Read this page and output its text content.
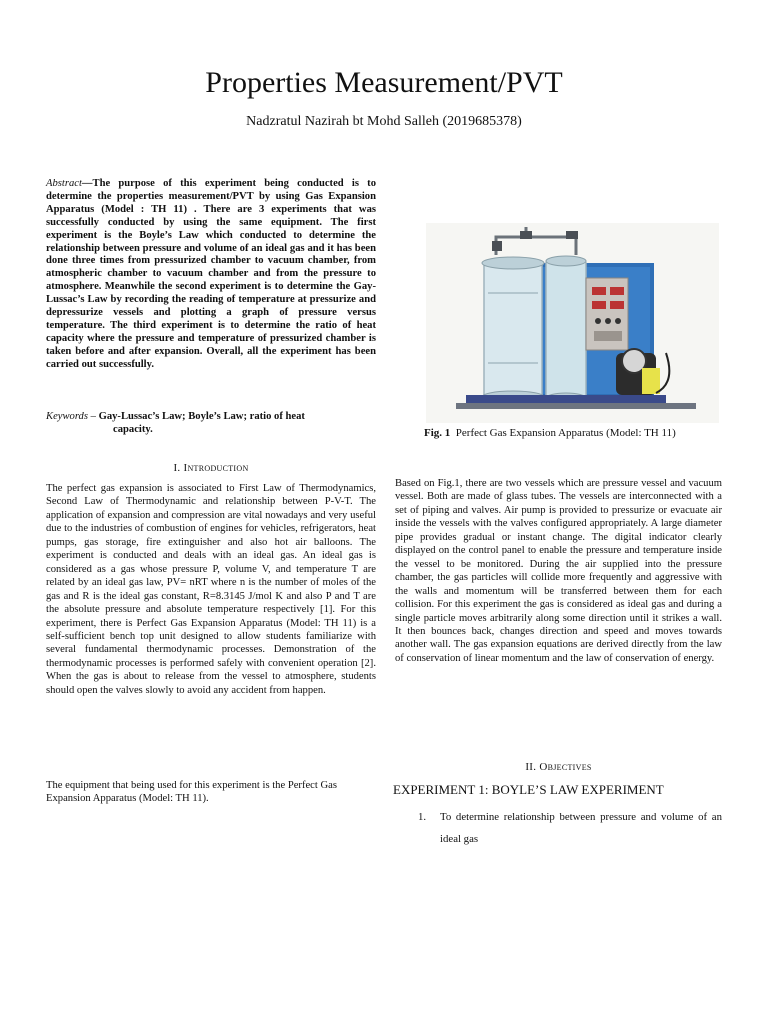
Properties Measurement/PVT
Nadzratul Nazirah bt Mohd Salleh (2019685378)
Abstract—The purpose of this experiment being conducted is to determine the properties measurement/PVT by using Gas Expansion Apparatus (Model : TH 11) . There are 3 experiments that was successfully conducted by using the same equipment. The first experiment is the Boyle’s Law which conducted to determine the relationship between pressure and volume of an ideal gas and it has been done three times from pressurized chamber to vacuum chamber, from atmospheric chamber to vacuum chamber and from the pressure to atmosphere. Meanwhile the second experiment is to determine the Gay-Lussac’s Law by recording the reading of temperature at pressurize and depressurize vessels and plotting a graph of pressure versus temperature. The third experiment is to determine the ratio of heat capacity where the pressure and temperature of pressurized chamber is taken before and after expansion. Overall, all the experiment has been carried out successfully.
Keywords – Gay-Lussac’s Law; Boyle’s Law; ratio of heat
capacity.
I. Introduction
The perfect gas expansion is associated to First Law of Thermodynamics, Second Law of Thermodynamic and relationship between P-V-T. The application of expansion and compression are vital nowadays and very useful due to the industries of combustion of engines for vehicles, refrigerators, heat pumps, gas storage, fire extinguisher and also hot air balloons. The experiment is conducted and deals with an ideal gas. An ideal gas is considered as a gas whose pressure P, volume V, and temperature T are related by an ideal gas law, PV= nRT where n is the number of moles of the gas and R is the ideal gas constant, R=8.3145 J/mol K and also P and T are the absolute pressure and absolute temperature respectively [1]. For this experiment, there is Perfect Gas Expansion Apparatus (Model: TH 11) is a self-sufficient bench top unit designed to allow students familiarize with several fundamental thermodynamic processes. Demonstration of the thermodynamic processes is performed safely with convenient operation [2]. When the gas is about to release from the vessel to atmosphere, students should open the valves slowly to avoid any accident from happen.
The equipment that being used for this experiment is the Perfect Gas Expansion Apparatus (Model: TH 11).
Fig. 1 Perfect Gas Expansion Apparatus (Model: TH 11)
Based on Fig.1, there are two vessels which are pressure vessel and vacuum vessel. Both are made of glass tubes. The vessels are interconnected with a set of piping and valves. Air pump is provided to pressurize or evacuate air inside the vessels with the valves configured appropriately. A large diameter pipe provides gradual or instant change. The digital indicator clearly displayed on the control panel to enable the pressure and temperature inside the vessel to be monitored. During the air supplied into the pressure chamber, the gas particles will collide more frequently and aggressive with the walls and momentum will be transferred between them for each collision. For this experiment the gas is considered as ideal gas and during a single particle moves arbitrarily along some direction until it strikes a wall. It then bounces back, changes direction and speed and moves towards another wall. The gas expansion equations are derived directly from the law of conservation of linear momentum and the law of conservation of energy.
II. Objectives
EXPERIMENT 1: BOYLE’S LAW EXPERIMENT
1.	To determine relationship between pressure and volume of an ideal gas
